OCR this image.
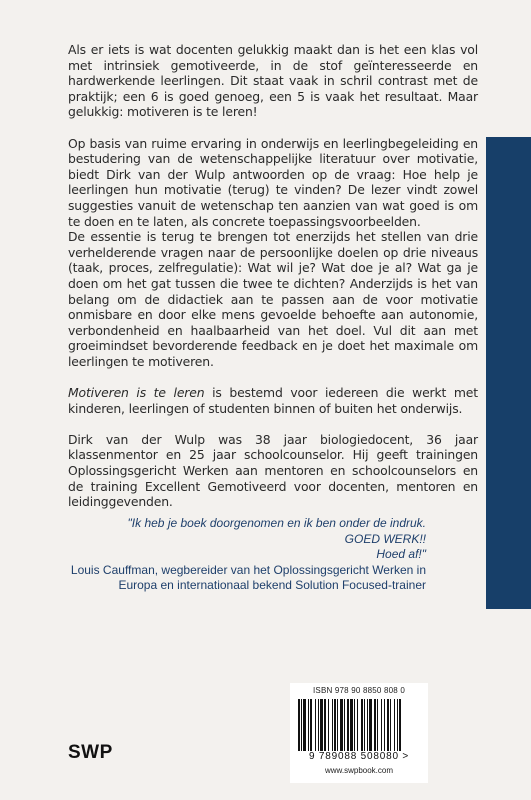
Als er iets is wat docenten gelukkig maakt dan is het een klas vol met intrinsiek gemotiveerde, in de stof geïnteresseerde en hardwerkende leerlingen. Dit staat vaak in schril contrast met de praktijk; een 6 is goed genoeg, een 5 is vaak het resultaat. Maar gelukkig: motiveren is te leren!

Op basis van ruime ervaring in onderwijs en leerlingbegeleiding en bestudering van de wetenschappelijke literatuur over motivatie, biedt Dirk van der Wulp antwoorden op de vraag: Hoe help je leerlingen hun motivatie (terug) te vinden? De lezer vindt zowel suggesties vanuit de wetenschap ten aanzien van wat goed is om te doen en te laten, als concrete toepassingsvoorbeelden.

De essentie is terug te brengen tot enerzijds het stellen van drie verhelderende vragen naar de persoonlijke doelen op drie niveaus (taak, proces, zelfregulatie): Wat wil je? Wat doe je al? Wat ga je doen om het gat tussen die twee te dichten? Anderzijds is het van belang om de didactiek aan te passen aan de voor motivatie onmisbare en door elke mens gevoelde behoefte aan autonomie, verbondenheid en haalbaarheid van het doel. Vul dit aan met groeimindset bevorderende feedback en je doet het maximale om leerlingen te motiveren.

Motiveren is te leren is bestemd voor iedereen die werkt met kinderen, leerlingen of studenten binnen of buiten het onderwijs.

Dirk van der Wulp was 38 jaar biologiedocent, 36 jaar klassenmentor en 25 jaar schoolcounselor. Hij geeft trainingen Oplossingsgericht Werken aan mentoren en schoolcounselors en de training Excellent Gemotiveerd voor docenten, mentoren en leidinggevenden.

"Ik heb je boek doorgenomen en ik ben onder de indruk.
GOED WERK!!
Hoed af!"
Louis Cauffman, wegbereider van het Oplossingsgericht Werken in
Europa en internationaal bekend Solution Focused-trainer
ISBN 978 90 8850 808 0
9 789088 508080 >
www.swpbook.com
SWP
